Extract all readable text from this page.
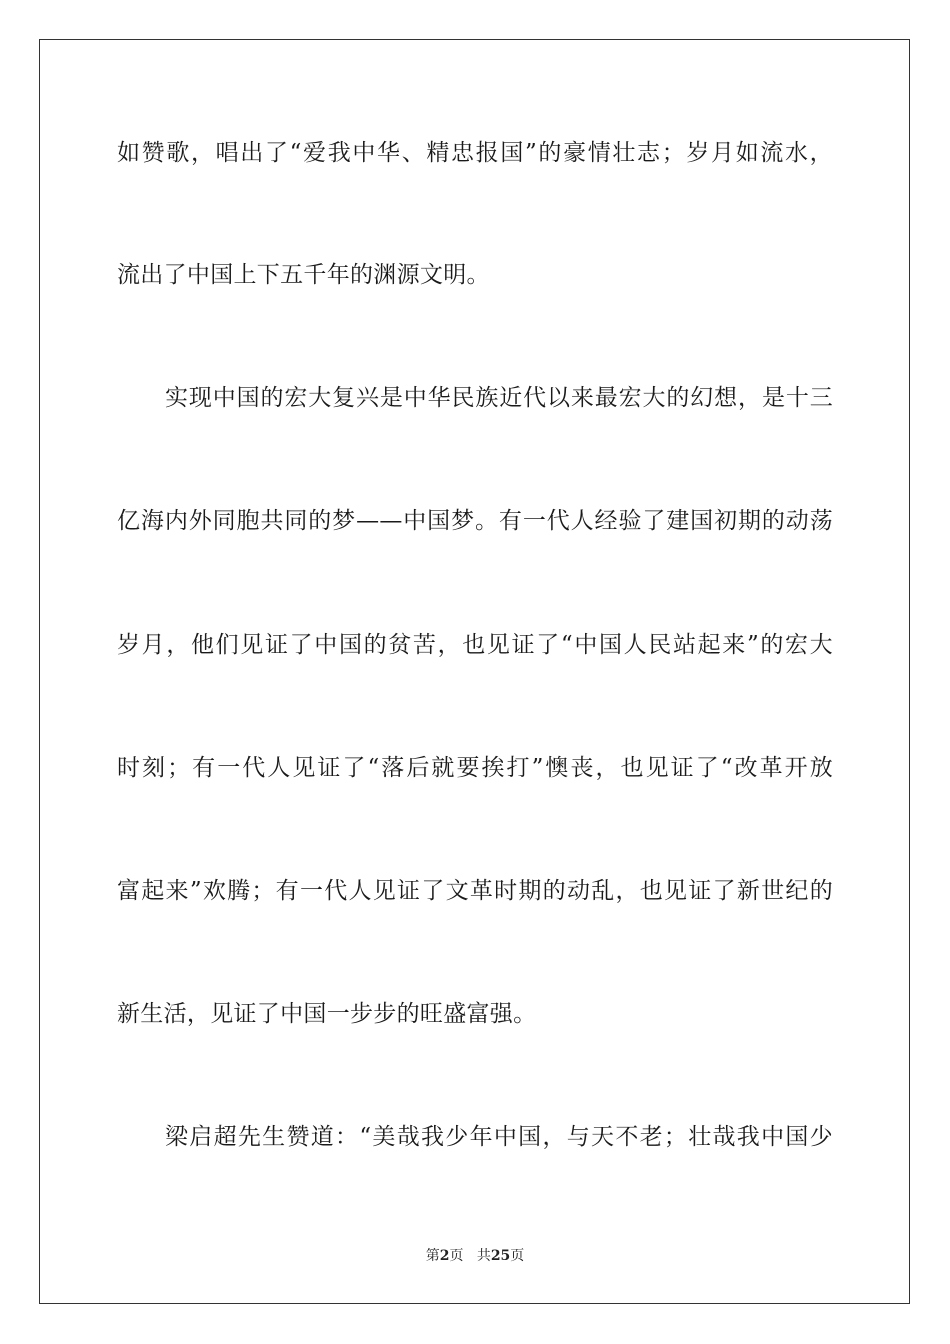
如赞歌，唱出了“爱我中华、精忠报国”的豪情壮志；岁月如流水，
流出了中国上下五千年的渊源文明。
实现中国的宏大复兴是中华民族近代以来最宏大的幻想，是十三
亿海内外同胞共同的梦——中国梦。有一代人经验了建国初期的动荡
岁月，他们见证了中国的贫苦，也见证了“中国人民站起来”的宏大
时刻；有一代人见证了“落后就要挨打”懊丧，也见证了“改革开放
富起来”欢腾；有一代人见证了文革时期的动乱，也见证了新世纪的
新生活，见证了中国一步步的旺盛富强。
梁启超先生赞道：“美哉我少年中国，与天不老；壮哉我中国少
第2页 共25页
